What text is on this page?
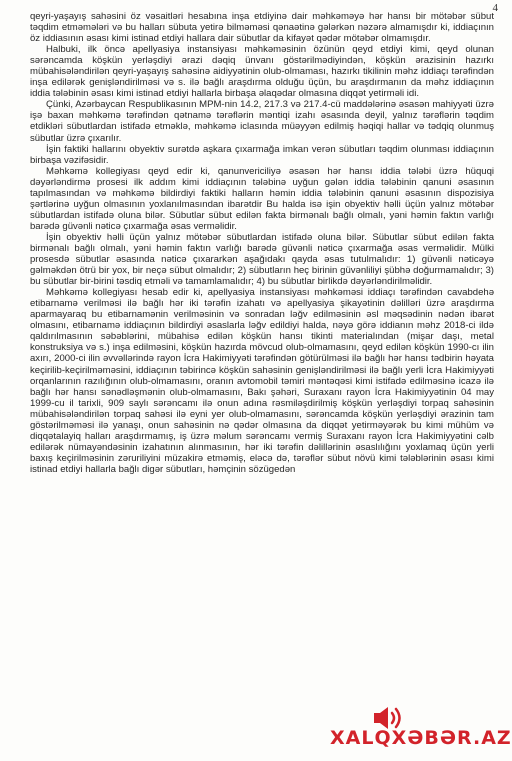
4

qeyri-yaşayış sahəsini öz vəsaitləri hesabına inşa etdiyinə dair məhkəməyə hər hansı bir mötəbər sübut təqdim etməmələri və bu halları sübuta yetirə bilməməsi qənaətinə gələrkən nəzərə almamışdır ki, iddiaçının öz iddiasının əsası kimi istinad etdiyi hallara dair sübutlar da kifayət qədər mötəbər olmamışdır.

Halbuki, ilk öncə apellyasiya instansiyası məhkəməsinin özünün qeyd etdiyi kimi, qeyd olunan sərəncamda köşkün yerləşdiyi ərazi dəqiq ünvanı göstərilmədiyindən, köşkün ərazisinin hazırkı mübahisələndirilən qeyri-yaşayış sahəsinə aidiyyətinin olub-olmaması, hazırkı tikilinin məhz iddiaçı tərəfindən inşa edilərək genişləndirilməsi və s. ilə bağlı araşdırma olduğu üçün, bu araşdırmanın da məhz iddiaçının iddia tələbinin əsası kimi istinad etdiyi hallarla birbaşa əlaqədar olmasına diqqət yetirməli idi.

Çünki, Azərbaycan Respublikasının MPM-nin 14.2, 217.3 və 217.4-cü maddələrinə əsasən mahiyyəti üzrə işə baxan məhkəmə tərəfindən qətnamə tərəflərin məntiqi izahı əsasında deyil, yalnız tərəflərin təqdim etdikləri sübutlardan istifadə etməklə, məhkəmə iclasında müəyyən edilmiş həqiqi hallar və tədqiq olunmuş sübutlar üzrə çıxarılır.

İşin faktiki hallarını obyektiv surətdə aşkara çıxarmağa imkan verən sübutları təqdim olunması iddiaçının birbaşa vəzifəsidir.

Məhkəmə kollegiyası qeyd edir ki, qanunvericiliyə əsasən hər hansı iddia tələbi üzrə hüquqi dəyərləndirmə prosesi ilk addım kimi iddiaçının tələbinə uyğun gələn iddia tələbinin qanuni əsasının tapılmasından və məhkəmə bildirdiyi faktiki halların həmin iddia tələbinin qanuni əsasının dispozisiya şərtlərinə uyğun olmasının yoxlanılmasından ibarətdir Bu halda isə işin obyektiv həlli üçün yalnız mötəbər sübutlardan istifadə oluna bilər. Sübutlar sübut edilən fakta birmənalı bağlı olmalı, yəni həmin faktın varlığı barədə güvənli nəticə çıxarmağa əsas verməlidir.

İşin obyektiv həlli üçün yalnız mötəbər sübutlardan istifadə oluna bilər. Sübutlar sübut edilən fakta birmənalı bağlı olmalı, yəni həmin faktın varlığı barədə güvənli nəticə çıxarmağa əsas verməlidir. Mülki prosesdə sübutlar əsasında nəticə çıxararkən aşağıdakı qayda əsas tutulmalıdır: 1) güvənli nəticəyə gəlməkdən ötrü bir yox, bir neçə sübut olmalıdır; 2) sübutların heç birinin güvənliliyi şübhə doğurmamalıdır; 3) bu sübutlar bir-birini təsdiq etməli və tamamlamalıdır; 4) bu sübutlar birlikdə dəyərləndirilməlidir.

Məhkəmə kollegiyası hesab edir ki, apellyasiya instansiyası məhkəməsi iddiaçı tərəfindən cavabdehə etibarnamə verilməsi ilə bağlı hər iki tərəfin izahatı və apellyasiya şikayətinin dəlilləri üzrə araşdırma aparmayaraq bu etibarnamənin verilməsinin və sonradan ləğv edilməsinin əsl məqsədinin nədən ibarət olmasını, etibarnamə iddiaçının bildirdiyi əsaslarla ləğv edildiyi halda, nəyə görə iddianın məhz 2018-ci ildə qaldırılmasının səbəblərini, mübahisə edilən köşkün hansı tikinti materialından (mişar daşı, metal konstruksiya və s.) inşa edilməsini, köşkün hazırda mövcud olub-olmamasını, qeyd edilən köşkün 1990-cı ilin axırı, 2000-ci ilin əvvəllərində rayon İcra Hakimiyyəti tərəfindən götürülməsi ilə bağlı hər hansı tədbirin həyata keçirilib-keçirilməməsini, iddiaçının təbirincə köşkün sahəsinin genişləndirilməsi ilə bağlı yerli İcra Hakimiyyəti orqanlarının razılığının olub-olmamasını, oranın avtomobil təmiri məntəqəsi kimi istifadə edilməsinə icazə ilə bağlı hər hansı sənədləşmənin olub-olmamasını, Bakı şəhəri, Suraxanı rayon İcra Hakimiyyətinin 04 may 1999-cu il tarixli, 909 saylı sərəncamı ilə onun adına rəsmiləşdirilmiş köşkün yerləşdiyi torpaq sahəsinin mübahisələndirilən torpaq sahəsi ilə eyni yer olub-olmamasını, sərəncamda köşkün yerləşdiyi ərazinin tam göstərilməməsi ilə yanaşı, onun sahəsinin nə qədər olmasına da diqqət yetirməyərək bu kimi mühüm və diqqətalayiq halları araşdırmamış, iş üzrə məlum sərəncamı vermiş Suraxanı rayon İcra Hakimiyyətini cəlb edilərək nümayəndəsinin izahatının alınmasının, hər iki tərəfin dəlillərinin əsaslılığını yoxlamaq üçün yerli baxış keçirilməsinin zəruriliyini müzakirə etməmiş, eləcə də, tərəflər sübut növü kimi tələblərinin əsası kimi istinad etdiyi hallarla bağlı digər sübutları, həmçinin sözügedən

XALQXƏBƏR.AZ
